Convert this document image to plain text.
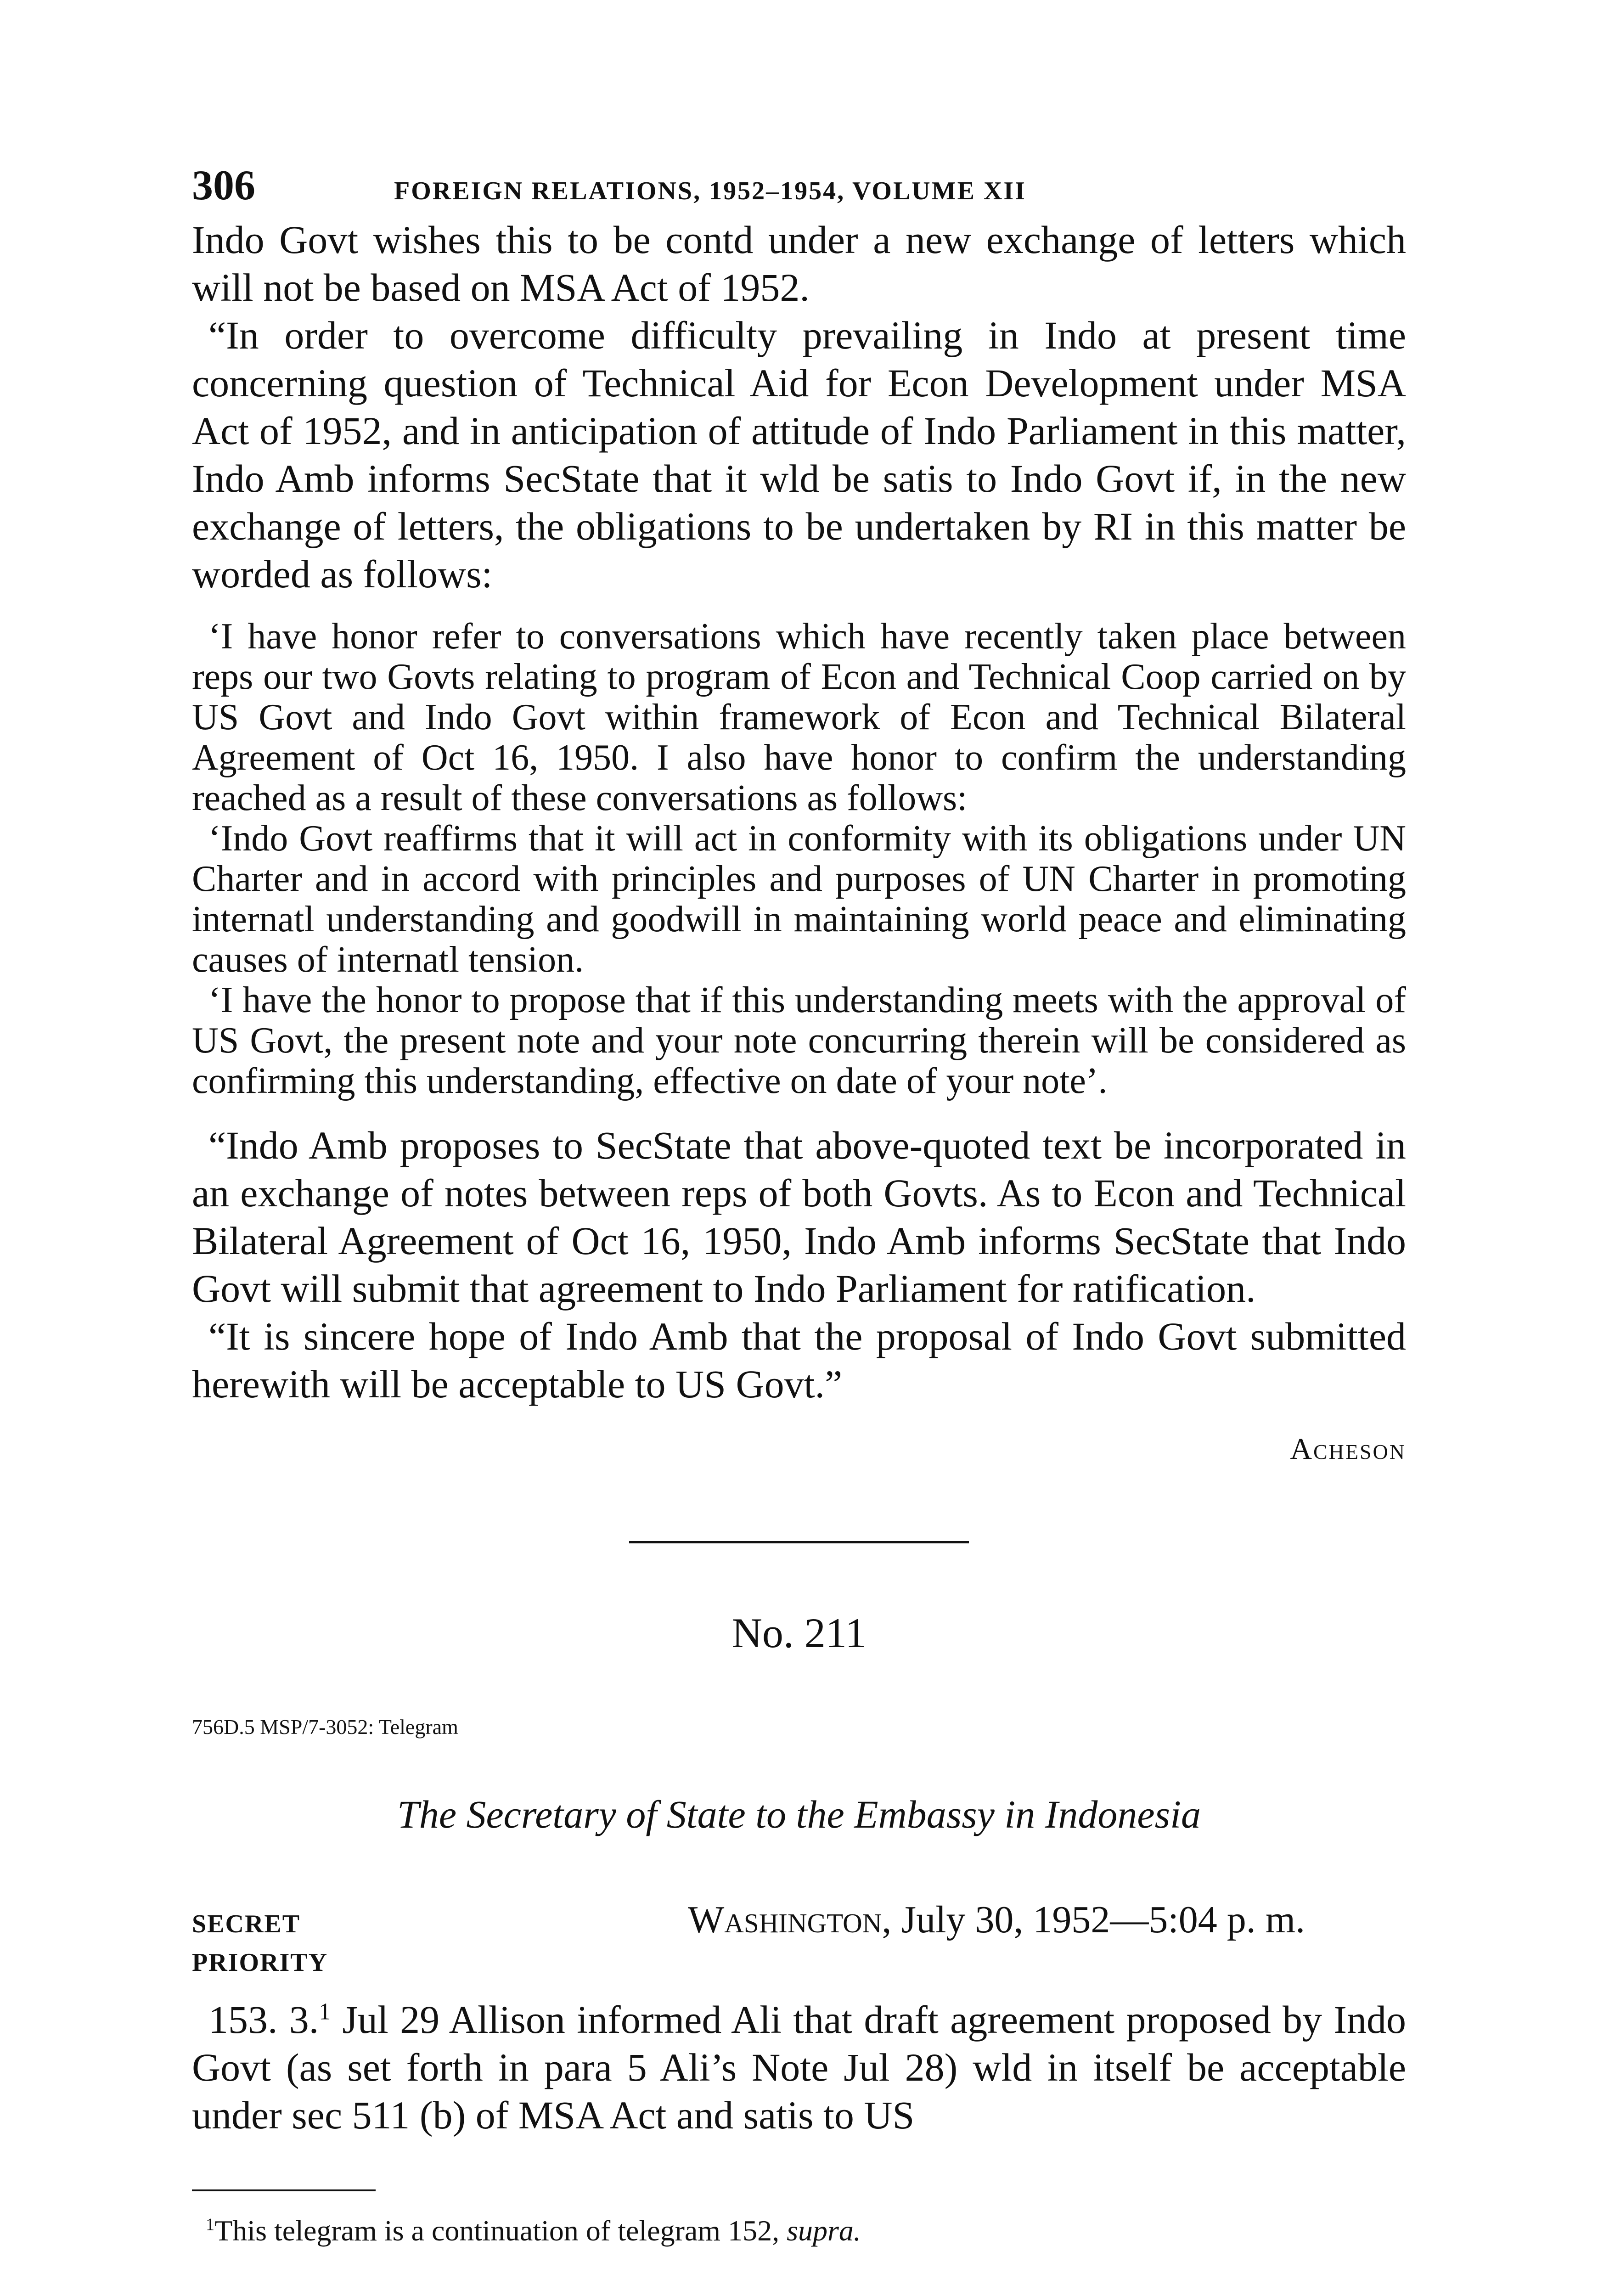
306	FOREIGN RELATIONS, 1952–1954, VOLUME XII

Indo Govt wishes this to be contd under a new exchange of letters which will not be based on MSA Act of 1952.

“In order to overcome difficulty prevailing in Indo at present time concerning question of Technical Aid for Econ Development under MSA Act of 1952, and in anticipation of attitude of Indo Parliament in this matter, Indo Amb informs SecState that it wld be satis to Indo Govt if, in the new exchange of letters, the obligations to be undertaken by RI in this matter be worded as follows:

‘I have honor refer to conversations which have recently taken place between reps our two Govts relating to program of Econ and Technical Coop carried on by US Govt and Indo Govt within framework of Econ and Technical Bilateral Agreement of Oct 16, 1950. I also have honor to confirm the understanding reached as a result of these conversations as follows:

‘Indo Govt reaffirms that it will act in conformity with its obligations under UN Charter and in accord with principles and purposes of UN Charter in promoting internatl understanding and goodwill in maintaining world peace and eliminating causes of internatl tension.

‘I have the honor to propose that if this understanding meets with the approval of US Govt, the present note and your note concurring therein will be considered as confirming this understanding, effective on date of your note’.

“Indo Amb proposes to SecState that above-quoted text be incorporated in an exchange of notes between reps of both Govts. As to Econ and Technical Bilateral Agreement of Oct 16, 1950, Indo Amb informs SecState that Indo Govt will submit that agreement to Indo Parliament for ratification.

“It is sincere hope of Indo Amb that the proposal of Indo Govt submitted herewith will be acceptable to US Govt.”

Acheson
No. 211
756D.5 MSP/7-3052: Telegram
The Secretary of State to the Embassy in Indonesia
SECRET
PRIORITY
Washington, July 30, 1952—5:04 p. m.

153. 3.$^1$ Jul 29 Allison informed Ali that draft agreement proposed by Indo Govt (as set forth in para 5 Ali’s Note Jul 28) wld in itself be acceptable under sec 511 (b) of MSA Act and satis to US

$^1$This telegram is a continuation of telegram 152, supra.
